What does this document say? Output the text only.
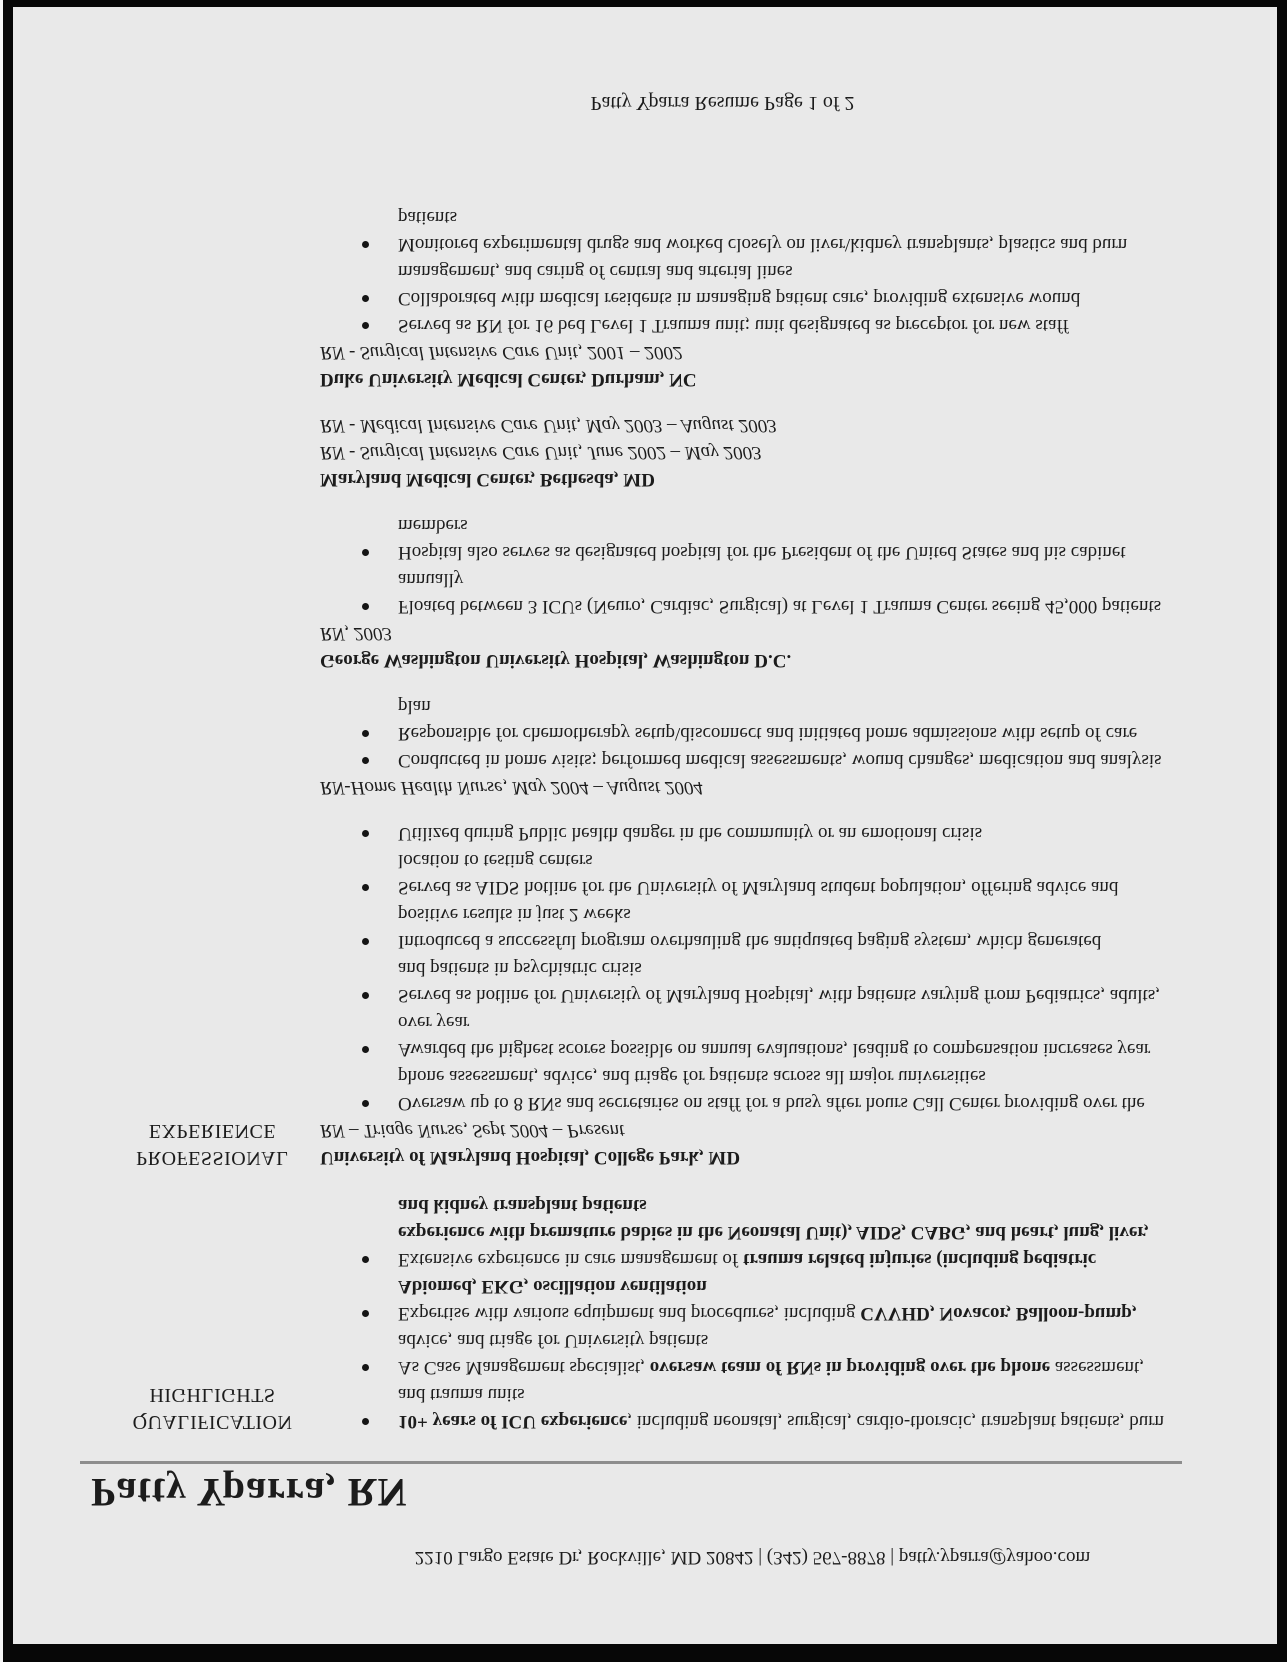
2210 Largo Estate Dr, Rockville, MD 20842 | (342) 567-8878 | patty.yparra@yahoo.com
Patty Yparra, RN
QUALIFICATION
HIGHLIGHTS
10+ years of ICU experience, including neonatal, surgical, cardio-thoracic, transplant patients, burn and trauma units
As Case Management specialist, oversaw team of RNs in providing over the phone assessment, advice, and triage for University patients
Expertise with various equipment and procedures, including CVVHD, Novacor, Balloon-pump, Abiomed, EKG, oscillation ventilation
Extensive experience in care management of trauma related injuries (including pediatric experience with premature babies in the Neonatal Unit), AIDS, CABG, and heart, lung, liver, and kidney transplant patients
PROFESSIONAL
EXPERIENCE
University of Maryland Hospital, College Park, MD
RN – Triage Nurse, Sept 2004 – Present
Oversaw up to 8 RNs and secretaries on staff for a busy after hours Call Center providing over the phone assessment, advice, and triage for patients across all major universities
Awarded the highest scores possible on annual evaluations, leading to compensation increases year over year
Served as hotline for University of Maryland Hospital, with patients varying from Pediatrics, adults, and patients in psychiatric crisis
Introduced a successful program overhauling the antiquated paging system, which generated positive results in just 2 weeks
Served as AIDS hotline for the University of Maryland student population, offering advice and location to testing centers
Utilized during Public health danger in the community or an emotional crisis
RN-Home Health Nurse, May 2004 – August 2004
Conducted in home visits; performed medical assessments, wound changes, medication and analysis
Responsible for chemotherapy setup\disconnect and initiated home admissions with setup of care plan
George Washington University Hospital, Washington D.C.
RN, 2003
Floated between 3 ICUs (Neuro, Cardiac, Surgical) at Level 1 Trauma Center seeing 45,000 patients annually
Hospital also serves as designated hospital for the President of the United States and his cabinet members
Maryland Medical Center, Bethesda, MD
RN - Surgical Intensive Care Unit, June 2002 – May 2003
RN - Medical Intensive Care Unit, May 2003 – August 2003
Duke University Medical Center, Durham, NC
RN - Surgical Intensive Care Unit, 2001 – 2002
Served as RN for 16 bed Level 1 Trauma unit; unit designated as preceptor for new staff
Collaborated with medical residents in managing patient care, providing extensive wound management, and caring of central and arterial lines
Monitored experimental drugs and worked closely on liver\kidney transplants, plastics and burn patients
Patty Yparra Resume Page 1 of 2
